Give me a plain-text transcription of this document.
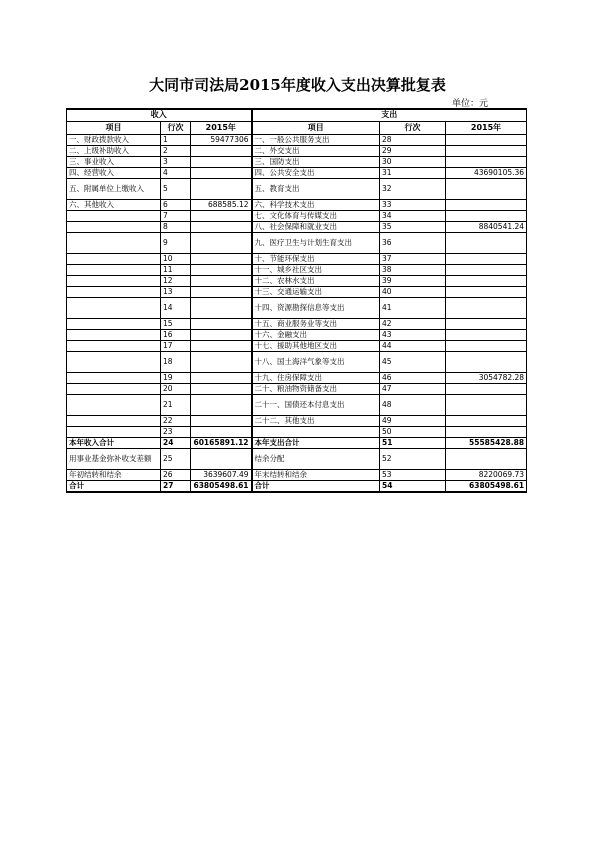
大同市司法局2015年度收入支出决算批复表
单位：元
收入			支出		
项目	行次	2015年	项目	行次	2015年
一、财政拨款收入	1	59477306	一、一般公共服务支出	28	
二、上级补助收入	2		二、外交支出	29	
三、事业收入	3		三、国防支出	30	
四、经营收入	4		四、公共安全支出	31	43690105.36
五、附属单位上缴收入	5		五、教育支出	32	
六、其他收入	6	688585.12	六、科学技术支出	33	
	7		七、文化体育与传媒支出	34	
	8		八、社会保障和就业支出	35	8840541.24
	9		九、医疗卫生与计划生育支出	36	
	10		十、节能环保支出	37	
	11		十一、城乡社区支出	38	
	12		十二、农林水支出	39	
	13		十三、交通运输支出	40	
	14		十四、资源勘探信息等支出	41	
	15		十五、商业服务业等支出	42	
	16		十六、金融支出	43	
	17		十七、援助其他地区支出	44	
	18		十八、国土海洋气象等支出	45	
	19		十九、住房保障支出	46	3054782.28
	20		二十、粮油物资储备支出	47	
	21		二十一、国债还本付息支出	48	
	22		二十二、其他支出	49	
	23			50	
本年收入合计	24	60165891.12	本年支出合计	51	55585428.88
用事业基金弥补收支差额	25		结余分配	52	
年初结转和结余	26	3639607.49	年末结转和结余	53	8220069.73
合计	27	63805498.61	合计	54	63805498.61
